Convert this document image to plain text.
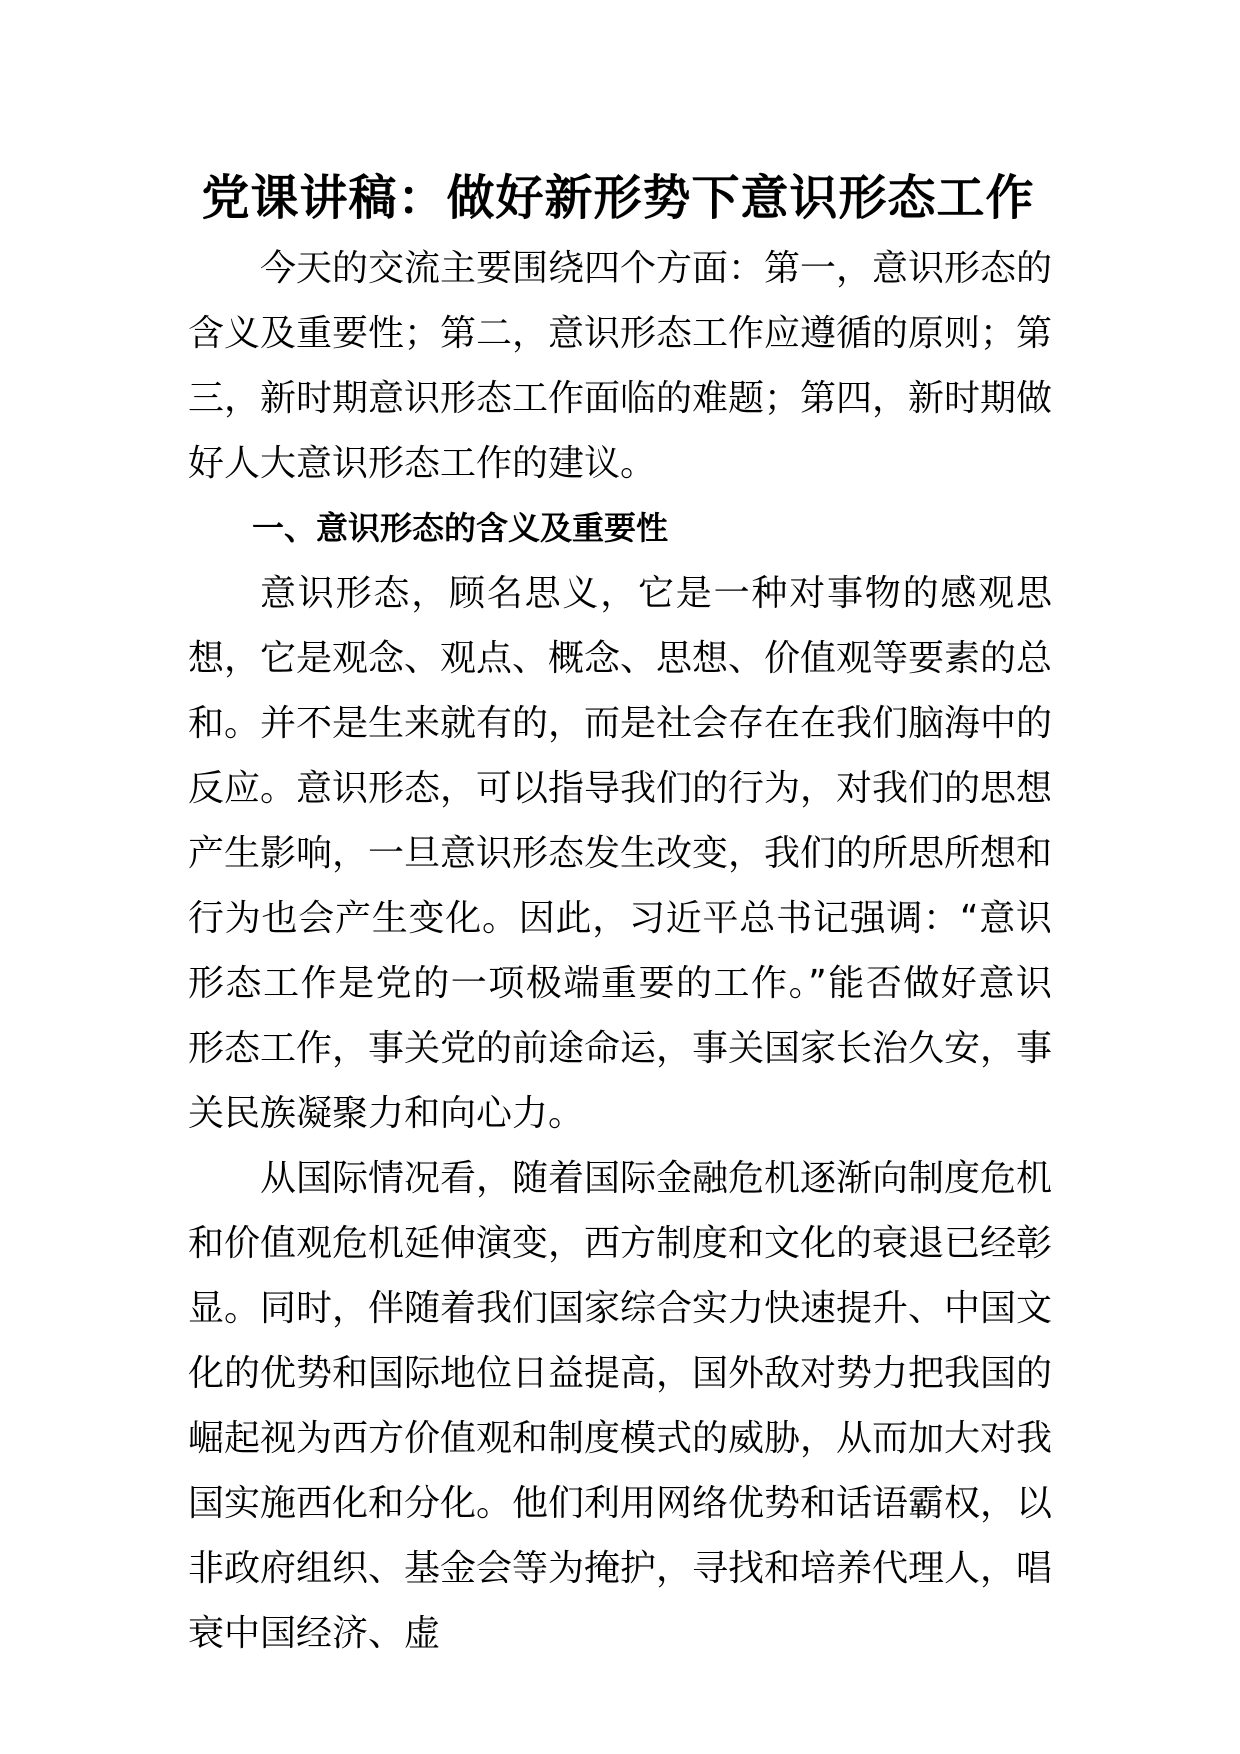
党课讲稿：做好新形势下意识形态工作

今天的交流主要围绕四个方面：第一，意识形态的含义及重要性；第二，意识形态工作应遵循的原则；第三，新时期意识形态工作面临的难题；第四，新时期做好人大意识形态工作的建议。

一、意识形态的含义及重要性

意识形态，顾名思义，它是一种对事物的感观思想，它是观念、观点、概念、思想、价值观等要素的总和。并不是生来就有的，而是社会存在在我们脑海中的反应。意识形态，可以指导我们的行为，对我们的思想产生影响，一旦意识形态发生改变，我们的所思所想和行为也会产生变化。因此，习近平总书记强调：“意识形态工作是党的一项极端重要的工作。”能否做好意识形态工作，事关党的前途命运，事关国家长治久安，事关民族凝聚力和向心力。

从国际情况看，随着国际金融危机逐渐向制度危机和价值观危机延伸演变，西方制度和文化的衰退已经彰显。同时，伴随着我们国家综合实力快速提升、中国文化的优势和国际地位日益提高，国外敌对势力把我国的崛起视为西方价值观和制度模式的威胁，从而加大对我国实施西化和分化。他们利用网络优势和话语霸权，以非政府组织、基金会等为掩护，寻找和培养代理人，唱衰中国经济、虚
